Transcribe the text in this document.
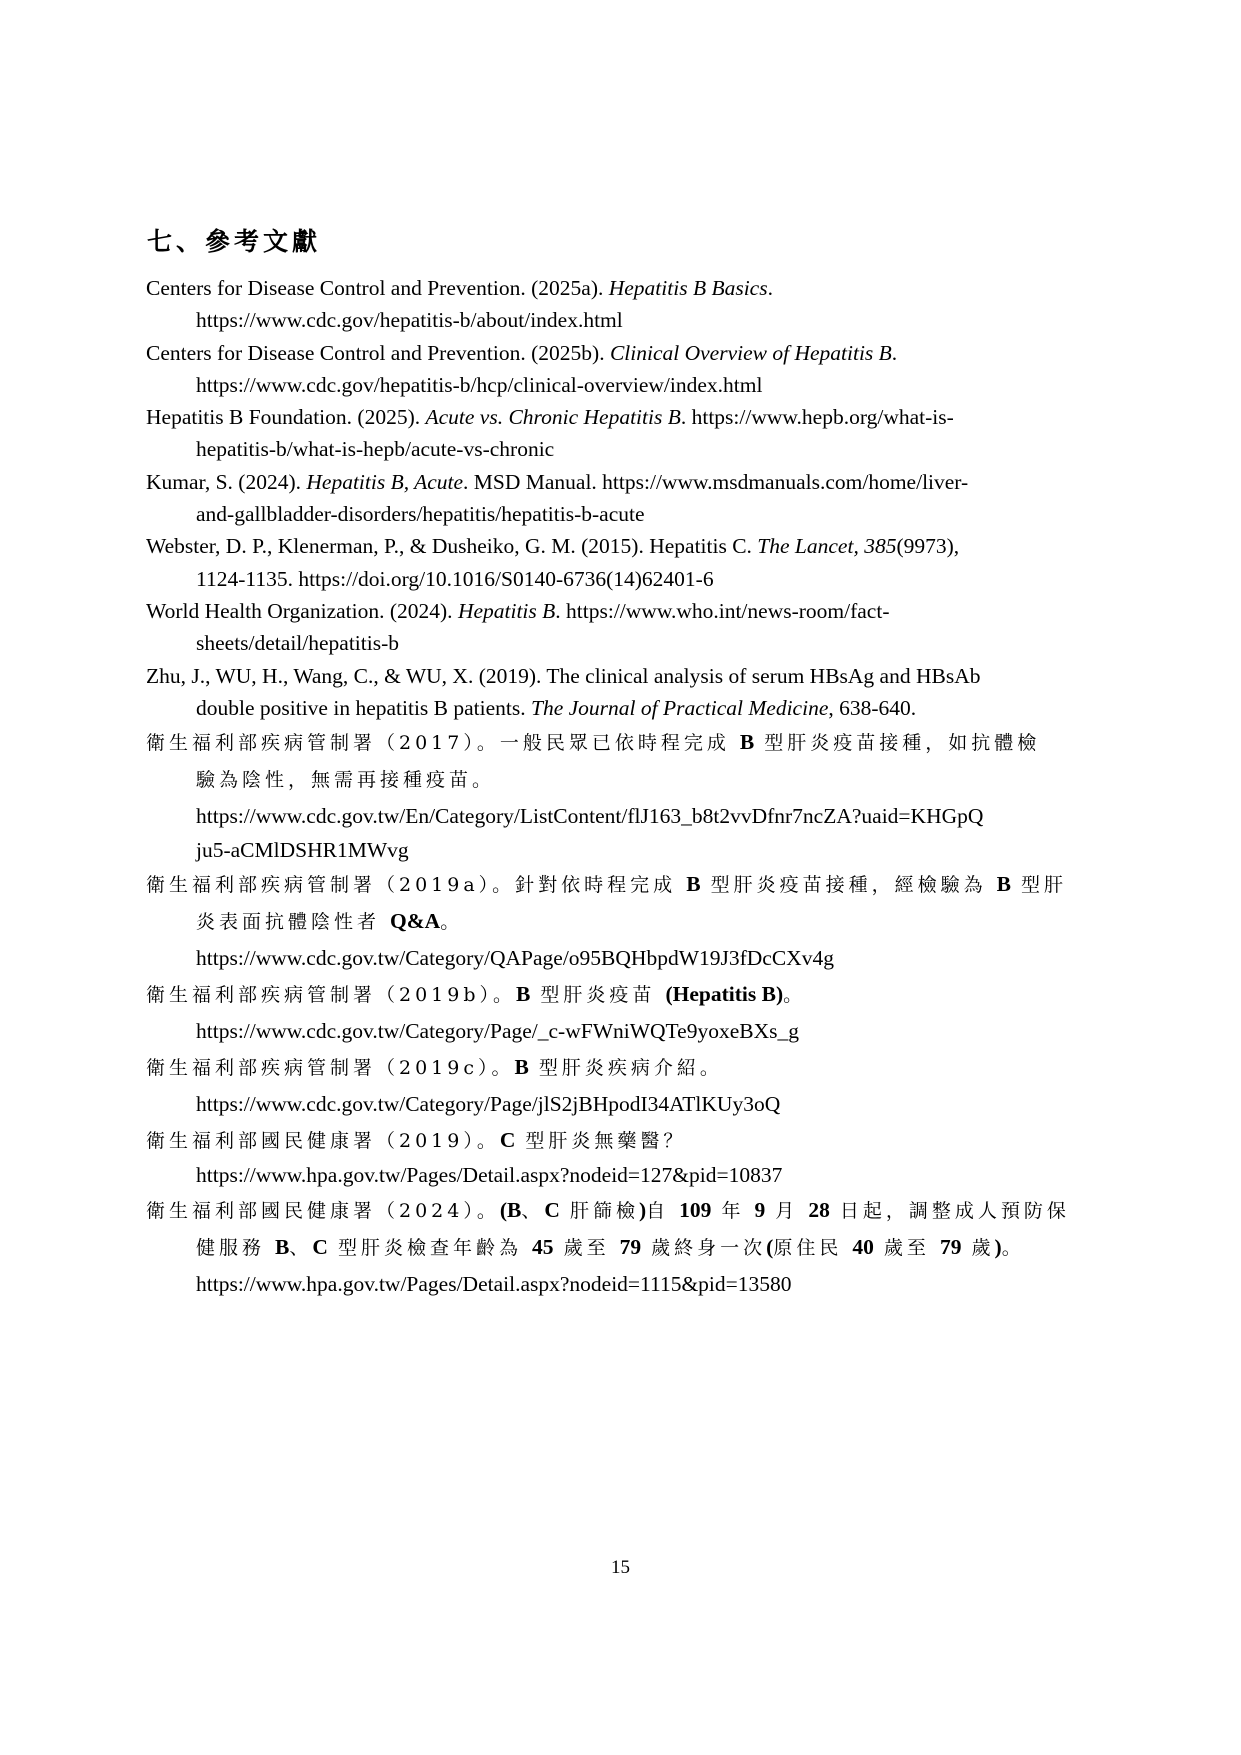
七、參考文獻
Centers for Disease Control and Prevention. (2025a). Hepatitis B Basics.
https://www.cdc.gov/hepatitis-b/about/index.html
Centers for Disease Control and Prevention. (2025b). Clinical Overview of Hepatitis B.
https://www.cdc.gov/hepatitis-b/hcp/clinical-overview/index.html
Hepatitis B Foundation. (2025). Acute vs. Chronic Hepatitis B. https://www.hepb.org/what-is-
hepatitis-b/what-is-hepb/acute-vs-chronic
Kumar, S. (2024). Hepatitis B, Acute. MSD Manual. https://www.msdmanuals.com/home/liver-
and-gallbladder-disorders/hepatitis/hepatitis-b-acute
Webster, D. P., Klenerman, P., & Dusheiko, G. M. (2015). Hepatitis C. The Lancet, 385(9973),
1124-1135. https://doi.org/10.1016/S0140-6736(14)62401-6
World Health Organization. (2024). Hepatitis B. https://www.who.int/news-room/fact-
sheets/detail/hepatitis-b
Zhu, J., WU, H., Wang, C., & WU, X. (2019). The clinical analysis of serum HBsAg and HBsAb
double positive in hepatitis B patients. The Journal of Practical Medicine, 638-640.
衛生福利部疾病管制署（2017）。一般民眾已依時程完成 B 型肝炎疫苗接種，如抗體檢
驗為陰性，無需再接種疫苗。
https://www.cdc.gov.tw/En/Category/ListContent/flJ163_b8t2vvDfnr7ncZA?uaid=KHGpQ
ju5-aCMlDSHR1MWvg
衛生福利部疾病管制署（2019a）。針對依時程完成 B 型肝炎疫苗接種，經檢驗為 B 型肝
炎表面抗體陰性者 Q&A。
https://www.cdc.gov.tw/Category/QAPage/o95BQHbpdW19J3fDcCXv4g
衛生福利部疾病管制署（2019b）。B 型肝炎疫苗 (Hepatitis B)。
https://www.cdc.gov.tw/Category/Page/_c-wFWniWQTe9yoxeBXs_g
衛生福利部疾病管制署（2019c）。B 型肝炎疾病介紹。
https://www.cdc.gov.tw/Category/Page/jlS2jBHpodI34ATlKUy3oQ
衛生福利部國民健康署（2019）。C 型肝炎無藥醫？
https://www.hpa.gov.tw/Pages/Detail.aspx?nodeid=127&pid=10837
衛生福利部國民健康署（2024）。(B、C 肝篩檢)自 109 年 9 月 28 日起，調整成人預防保
健服務 B、C 型肝炎檢查年齡為 45 歲至 79 歲終身一次(原住民 40 歲至 79 歲)。
https://www.hpa.gov.tw/Pages/Detail.aspx?nodeid=1115&pid=13580
15
